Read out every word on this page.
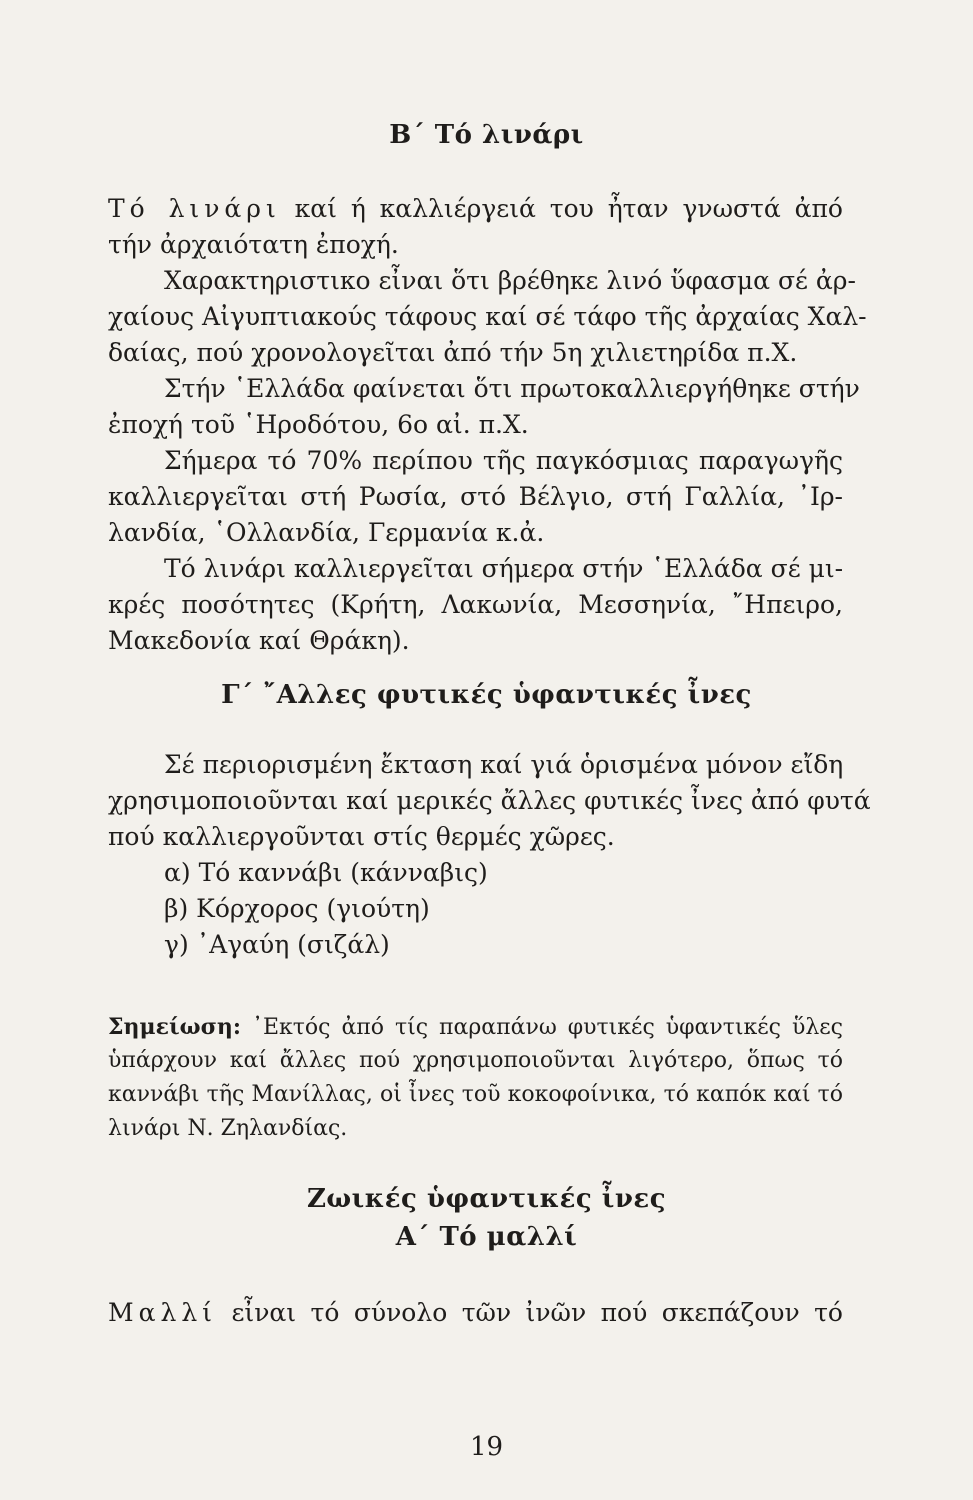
Β΄ Τό λινάρι
Τό λινάρι καί ή καλλιέργειά του ἦταν γνωστά ἀπό
τήν ἀρχαιότατη ἐποχή.
Χαρακτηριστικο εἶναι ὅτι βρέθηκε λινό ὕφασμα σέ ἀρ-
χαίους Αἰγυπτιακούς τάφους καί σέ τάφο τῆς ἀρχαίας Χαλ-
δαίας, πού χρονολογεῖται ἀπό τήν 5η χιλιετηρίδα π.Χ.
Στήν ῾Ελλάδα φαίνεται ὅτι πρωτοκαλλιεργήθηκε στήν
ἐποχή τοῦ ῾Ηροδότου, 6ο αἰ. π.Χ.
Σήμερα τό 70% περίπου τῆς παγκόσμιας παραγωγῆς
καλλιεργεῖται στή Ρωσία, στό Βέλγιο, στή Γαλλία, ᾿Ιρ-
λανδία, ῾Ολλανδία, Γερμανία κ.ἀ.
Τό λινάρι καλλιεργεῖται σήμερα στήν ῾Ελλάδα σέ μι-
κρές ποσότητες (Κρήτη, Λακωνία, Μεσσηνία, ῎Ηπειρο,
Μακεδονία καί Θράκη).
Γ΄ ῎Αλλες φυτικές ὑφαντικές ἶνες
Σέ περιορισμένη ἔκταση καί γιά ὁρισμένα μόνον εἴδη
χρησιμοποιοῦνται καί μερικές ἄλλες φυτικές ἶνες ἀπό φυτά
πού καλλιεργοῦνται στίς θερμές χῶρες.
α) Τό καννάβι (κάνναβις)
β) Κόρχορος (γιούτη)
γ) ᾿Αγαύη (σιζάλ)
Σημείωση: ᾿Εκτός ἀπό τίς παραπάνω φυτικές ὑφαντικές ὕλες
ὑπάρχουν καί ἄλλες πού χρησιμοποιοῦνται λιγότερο, ὅπως τό
καννάβι τῆς Μανίλλας, οἱ ἶνες τοῦ κοκοφοίνικα, τό καπόκ καί τό
λινάρι Ν. Ζηλανδίας.
Ζωικές ὑφαντικές ἶνες
Α΄ Τό μαλλί
Μαλλί εἶναι τό σύνολο τῶν ἰνῶν πού σκεπάζουν τό
19
